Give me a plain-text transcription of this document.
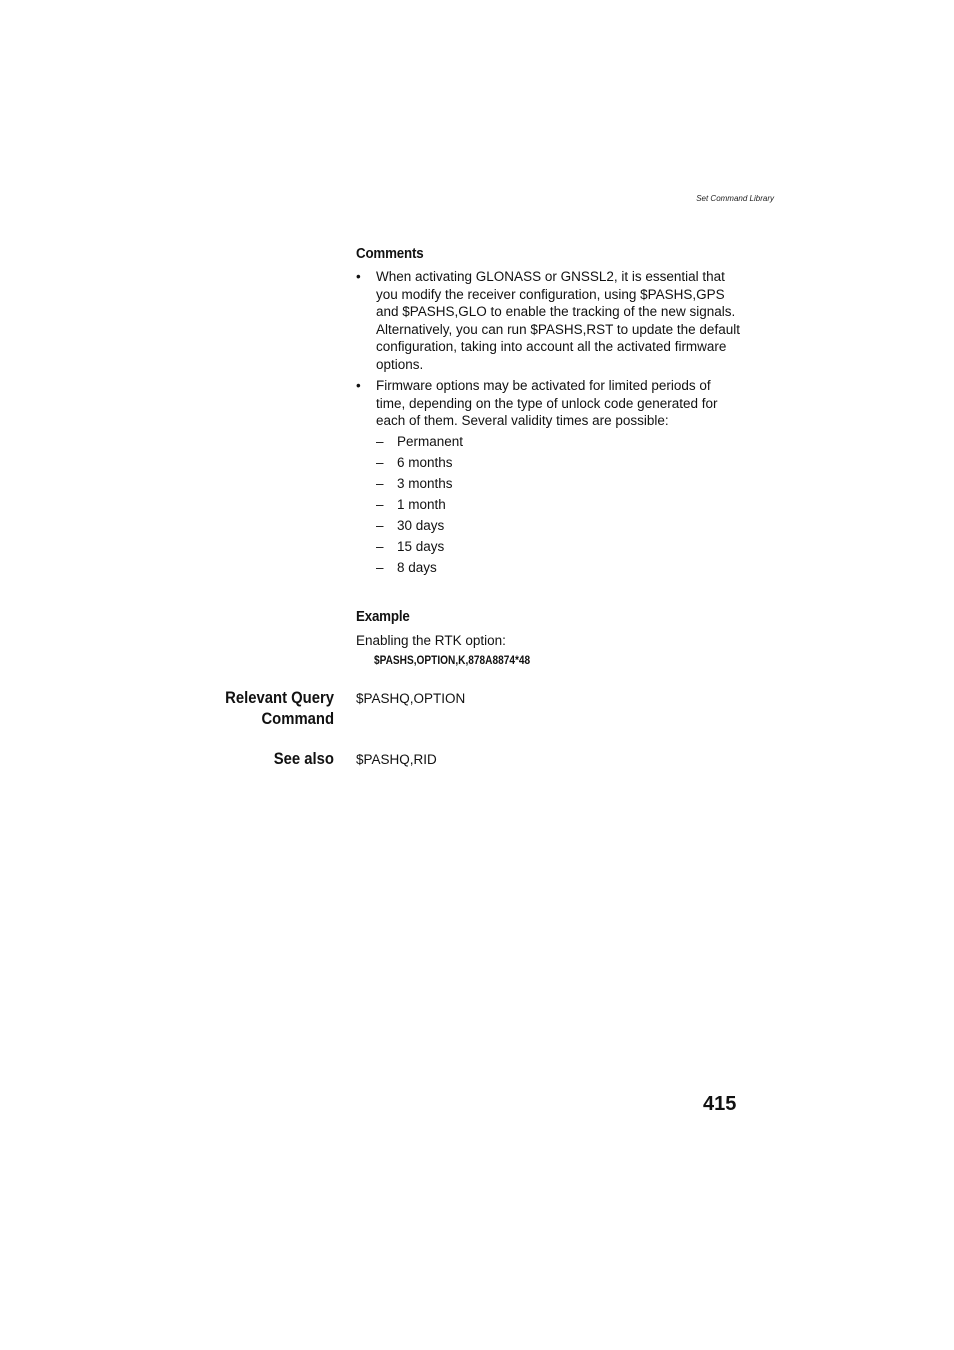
Set Command Library
Comments
• When activating GLONASS or GNSSL2, it is essential that you modify the receiver configuration, using $PASHS,GPS and $PASHS,GLO to enable the tracking of the new signals. Alternatively, you can run $PASHS,RST to update the default configuration, taking into account all the activated firmware options.
• Firmware options may be activated for limited periods of time, depending on the type of unlock code generated for each of them. Several validity times are possible:
– Permanent
– 6 months
– 3 months
– 1 month
– 30 days
– 15 days
– 8 days
Example
Enabling the RTK option:
$PASHS,OPTION,K,878A8874*48
Relevant Query
Command
$PASHQ,OPTION
See also $PASHQ,RID
415
